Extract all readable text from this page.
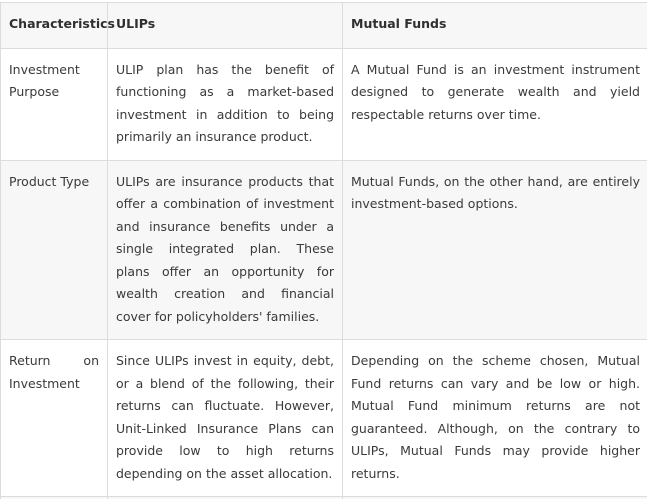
Characteristics	ULIPs	Mutual Funds

Investment Purpose	ULIP plan has the benefit of functioning as a market-based investment in addition to being primarily an insurance product.	A Mutual Fund is an investment instrument designed to generate wealth and yield respectable returns over time.

Product Type	ULIPs are insurance products that offer a combination of investment and insurance benefits under a single integrated plan. These plans offer an opportunity for wealth creation and financial cover for policyholders' families.	Mutual Funds, on the other hand, are entirely investment-based options.

Return on Investment	Since ULIPs invest in equity, debt, or a blend of the following, their returns can fluctuate. However, Unit-Linked Insurance Plans can provide low to high returns depending on the asset allocation.	Depending on the scheme chosen, Mutual Fund returns can vary and be low or high. Mutual Fund minimum returns are not guaranteed. Although, on the contrary to ULIPs, Mutual Funds may provide higher returns.
